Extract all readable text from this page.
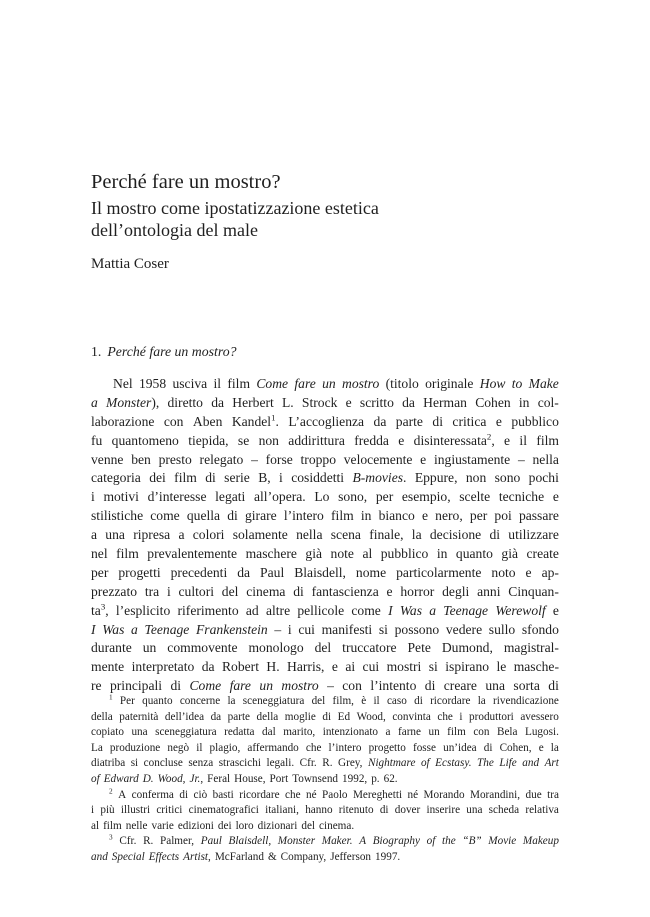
Perché fare un mostro?
Il mostro come ipostatizzazione estetica
dell’ontologia del male
Mattia Coser
1. Perché fare un mostro?
Nel 1958 usciva il film Come fare un mostro (titolo originale How to Make
a Monster), diretto da Herbert L. Strock e scritto da Herman Cohen in col-
laborazione con Aben Kandel$^1$. L’accoglienza da parte di critica e pubblico
fu quantomeno tiepida, se non addirittura fredda e disinteressata$^2$, e il film
venne ben presto relegato – forse troppo velocemente e ingiustamente – nella
categoria dei film di serie B, i cosiddetti B-movies. Eppure, non sono pochi
i motivi d’interesse legati all’opera. Lo sono, per esempio, scelte tecniche e
stilistiche come quella di girare l’intero film in bianco e nero, per poi passare
a una ripresa a colori solamente nella scena finale, la decisione di utilizzare
nel film prevalentemente maschere già note al pubblico in quanto già create
per progetti precedenti da Paul Blaisdell, nome particolarmente noto e ap-
prezzato tra i cultori del cinema di fantascienza e horror degli anni Cinquan-
$ta^3$, l’esplicito riferimento ad altre pellicole come I Was a Teenage Werewolf e
I Was a Teenage Frankenstein – i cui manifesti si possono vedere sullo sfondo
durante un commovente monologo del truccatore Pete Dumond, magistral-
mente interpretato da Robert H. Harris, e ai cui mostri si ispirano le masche-
re principali di Come fare un mostro – con l’intento di creare una sorta di
$^1$ Per quanto concerne la sceneggiatura del film, è il caso di ricordare la rivendicazione
della paternità dell’idea da parte della moglie di Ed Wood, convinta che i produttori avessero
copiato una sceneggiatura redatta dal marito, intenzionato a farne un film con Bela Lugosi.
La produzione negò il plagio, affermando che l’intero progetto fosse un’idea di Cohen, e la
diatriba si concluse senza strascichi legali. Cfr. R. Grey, Nightmare of Ecstasy. The Life and Art
of Edward D. Wood, Jr., Feral House, Port Townsend 1992, p. 62.
$^2$ A conferma di ciò basti ricordare che né Paolo Mereghetti né Morando Morandini, due tra
i più illustri critici cinematografici italiani, hanno ritenuto di dover inserire una scheda relativa
al film nelle varie edizioni dei loro dizionari del cinema.
$^3$ Cfr. R. Palmer, Paul Blaisdell, Monster Maker. A Biography of the “B” Movie Makeup
and Special Effects Artist, McFarland & Company, Jefferson 1997.
